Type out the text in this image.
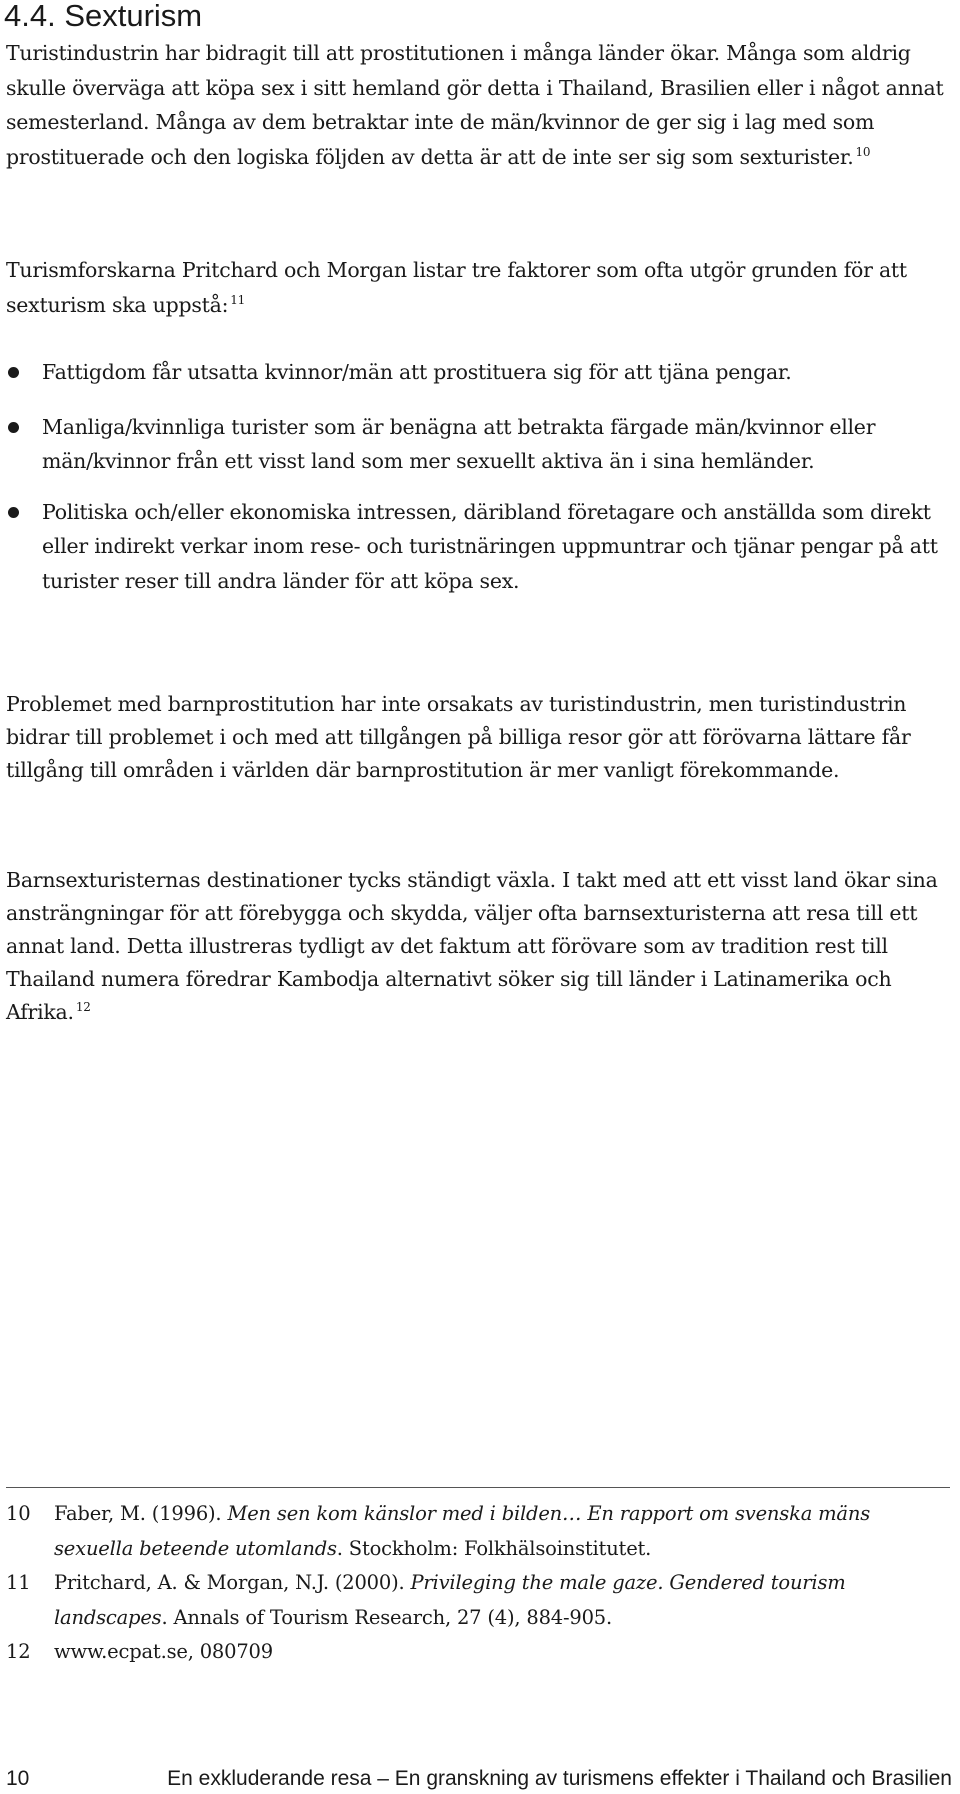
4.4. Sexturism

Turistindustrin har bidragit till att prostitutionen i många länder ökar. Många som aldrig skulle överväga att köpa sex i sitt hemland gör detta i Thailand, Brasilien eller i något annat semesterland. Många av dem betraktar inte de män/kvinnor de ger sig i lag med som prostituerade och den logiska följden av detta är att de inte ser sig som sexturister. $^{10}$

Turismforskarna Pritchard och Morgan listar tre faktorer som ofta utgör grunden för att sexturism ska uppstå: $^{11}$

Fattigdom får utsatta kvinnor/män att prostituera sig för att tjäna pengar.
Manliga/kvinnliga turister som är benägna att betrakta färgade män/kvinnor eller män/kvinnor från ett visst land som mer sexuellt aktiva än i sina hemländer.
Politiska och/eller ekonomiska intressen, däribland företagare och anställda som direkt eller indirekt verkar inom rese- och turistnäringen uppmuntrar och tjänar pengar på att turister reser till andra länder för att köpa sex.

Problemet med barnprostitution har inte orsakats av turistindustrin, men turistindustrin bidrar till problemet i och med att tillgången på billiga resor gör att förövarna lättare får tillgång till områden i världen där barnprostitution är mer vanligt förekommande.

Barnsexturisternas destinationer tycks ständigt växla. I takt med att ett visst land ökar sina ansträngningar för att förebygga och skydda, väljer ofta barnsexturisterna att resa till ett annat land. Detta illustreras tydligt av det faktum att förövare som av tradition rest till Thailand numera föredrar Kambodja alternativt söker sig till länder i Latinamerika och Afrika. $^{12}$

10	Faber, M. (1996). Men sen kom känslor med i bilden… En rapport om svenska mäns sexuella beteende utomlands. Stockholm: Folkhälsoinstitutet.
11	Pritchard, A. & Morgan, N.J. (2000). Privileging the male gaze. Gendered tourism landscapes. Annals of Tourism Research, 27 (4), 884-905.
12	www.ecpat.se, 080709
10	En exkluderande resa – En granskning av turismens effekter i Thailand och Brasilien
